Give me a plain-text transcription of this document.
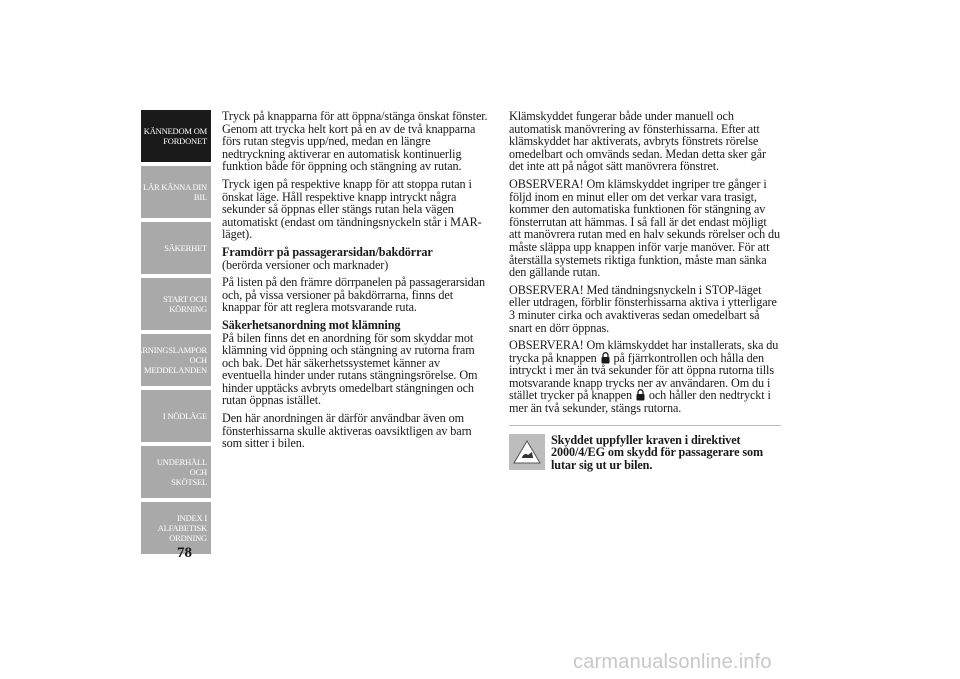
KÄNNEDOM OM
FORDONET
LÄR KÄNNA DIN
BIL
SÄKERHET
START OCH
KÖRNING
VARNINGSLAMPOR
OCH
MEDDELANDEN
I NÖDLÄGE
UNDERHÅLL OCH
SKÖTSEL
INDEX I
ALFABETISK
ORDNING
78

Tryck på knapparna för att öppna/stänga önskat fönster. Genom att trycka helt kort på en av de två knapparna förs rutan stegvis upp/ned, medan en längre nedtryckning aktiverar en automatisk kontinuerlig funktion både för öppning och stängning av rutan.

Tryck igen på respektive knapp för att stoppa rutan i önskat läge. Håll respektive knapp intryckt några sekunder så öppnas eller stängs rutan hela vägen automatiskt (endast om tändningsnyckeln står i MAR-läget).

Framdörr på passagerarsidan/bakdörrar

(berörda versioner och marknader)

På listen på den främre dörrpanelen på passagerarsidan och, på vissa versioner på bakdörrarna, finns det knappar för att reglera motsvarande ruta.

Säkerhetsanordning mot klämning

På bilen finns det en anordning för som skyddar mot klämning vid öppning och stängning av rutorna fram och bak. Det här säkerhetssystemet känner av eventuella hinder under rutans stängningsrörelse. Om hinder upptäcks avbryts omedelbart stängningen och rutan öppnas istället.

Den här anordningen är därför användbar även om fönsterhissarna skulle aktiveras oavsiktligen av barn som sitter i bilen.

Klämskyddet fungerar både under manuell och automatisk manövrering av fönsterhissarna. Efter att klämskyddet har aktiverats, avbryts fönstrets rörelse omedelbart och omvänds sedan. Medan detta sker går det inte att på något sätt manövrera fönstret.

OBSERVERA! Om klämskyddet ingriper tre gånger i följd inom en minut eller om det verkar vara trasigt, kommer den automatiska funktionen för stängning av fönsterrutan att hämmas. I så fall är det endast möjligt att manövrera rutan med en halv sekunds rörelser och du måste släppa upp knappen inför varje manöver. För att återställa systemets riktiga funktion, måste man sänka den gällande rutan.

OBSERVERA! Med tändningsnyckeln i STOP-läget eller utdragen, förblir fönsterhissarna aktiva i ytterligare 3 minuter cirka och avaktiveras sedan omedelbart så snart en dörr öppnas.

OBSERVERA! Om klämskyddet har installerats, ska du trycka på knappen på fjärrkontrollen och hålla den intryckt i mer än två sekunder för att öppna rutorna tills motsvarande knapp trycks ner av användaren. Om du i stället trycker på knappen och håller den nedtryckt i mer än två sekunder, stängs rutorna.

Skyddet uppfyller kraven i direktivet 2000/4/EG om skydd för passagerare som lutar sig ut ur bilen.
carmanualsonline.info
